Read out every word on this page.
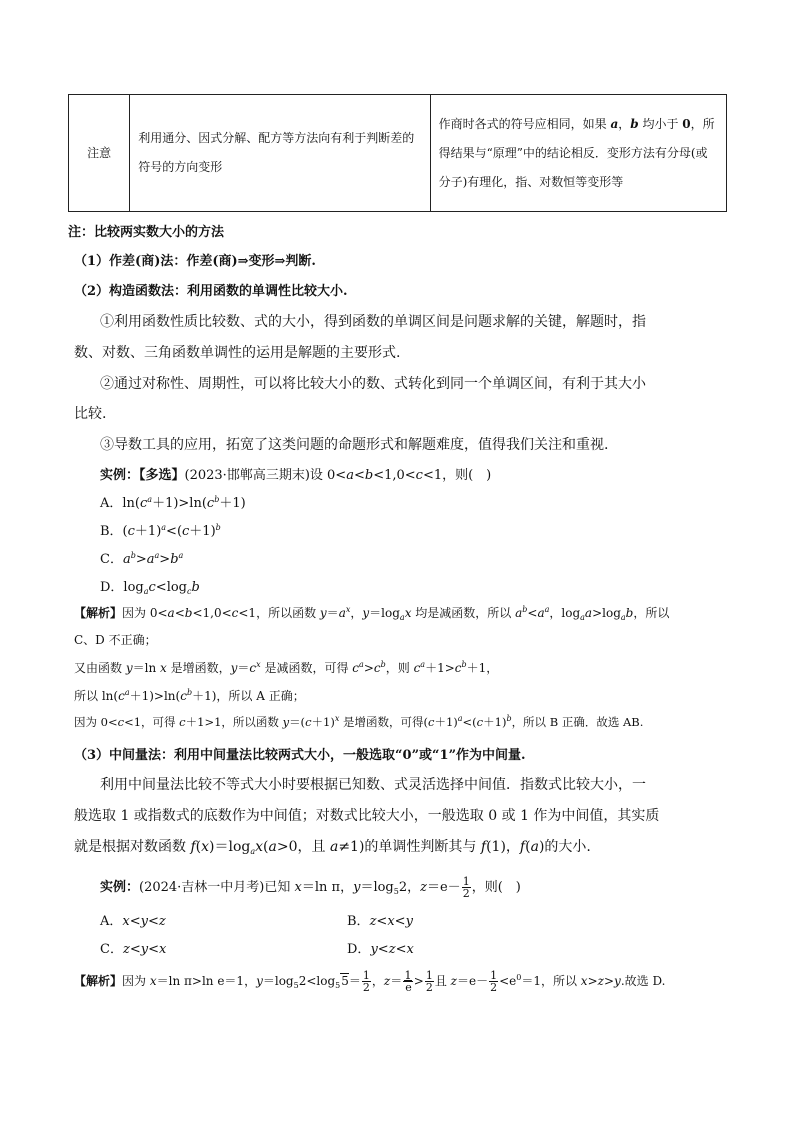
注意	利用通分、因式分解、配方等方法向有利于判断差的符号的方向变形	作商时各式的符号应相同，如果 a，b 均小于 0，所得结果与“原理”中的结论相反．变形方法有分母(或分子)有理化，指、对数恒等变形等
注：比较两实数大小的方法
（1）作差(商)法：作差(商)⇒变形⇒判断.
（2）构造函数法：利用函数的单调性比较大小.
①利用函数性质比较数、式的大小，得到函数的单调区间是问题求解的关键，解题时，指
数、对数、三角函数单调性的运用是解题的主要形式.
②通过对称性、周期性，可以将比较大小的数、式转化到同一个单调区间，有利于其大小
比较.
③导数工具的应用，拓宽了这类问题的命题形式和解题难度，值得我们关注和重视.
实例：【多选】(2023·邯郸高三期末)设 0<a<b<1,0<c<1，则(　)
A．$\ln(c^a+1)>\ln(c^b+1)$
B．$(c+1)^a<(c+1)^b$
C．$a^b>a^a>b^a$
D．$\log_ac<\log_cb$
【解析】因为 0<a<b<1,0<c<1，所以函数 $y=a^x$，$y=\log_ax$ 均是减函数，所以 $a^b<a^a$，$\log_aa>\log_ab$，所以
C、D 不正确；
又由函数 y＝ln x 是增函数，$y=c^x$ 是减函数，可得 $c^a>c^b$，则 $c^a+1>c^b+1$，
所以 $\ln(c^a+1)>\ln(c^b+1)$，所以 A 正确；
因为 0<c<1，可得 c＋1>1，所以函数 $y=(c+1)^x$ 是增函数，可得$(c+1)^a<(c+1)^b$，所以 B 正确．故选 AB.
（3）中间量法：利用中间量法比较两式大小，一般选取“0”或“1”作为中间量.
利用中间量法比较不等式大小时要根据已知数、式灵活选择中间值．指数式比较大小，一
般选取 1 或指数式的底数作为中间值；对数式比较大小，一般选取 0 或 1 作为中间值，其实质
就是根据对数函数 $f(x)=\log_ax(a>0$，且 a≠1)的单调性判断其与 f(1)，f(a)的大小.
实例：(2024·吉林一中月考)已知 x＝ln π，$y=\log_52$，$z=e- \frac{1}{2}$ ，则(　)
A．x<y<z	B．z<x<y
C．z<y<x	D．y<z<x
【解析】因为 x＝ln π>ln e＝1，$y=\log_52<\log_55= \frac{1}{2}$ ，$z= \frac{1}{e} > \frac{1}{2}$ 且 $z=e- \frac{1}{2} <e^0=1$，所以 x>z>y.故选 D.
